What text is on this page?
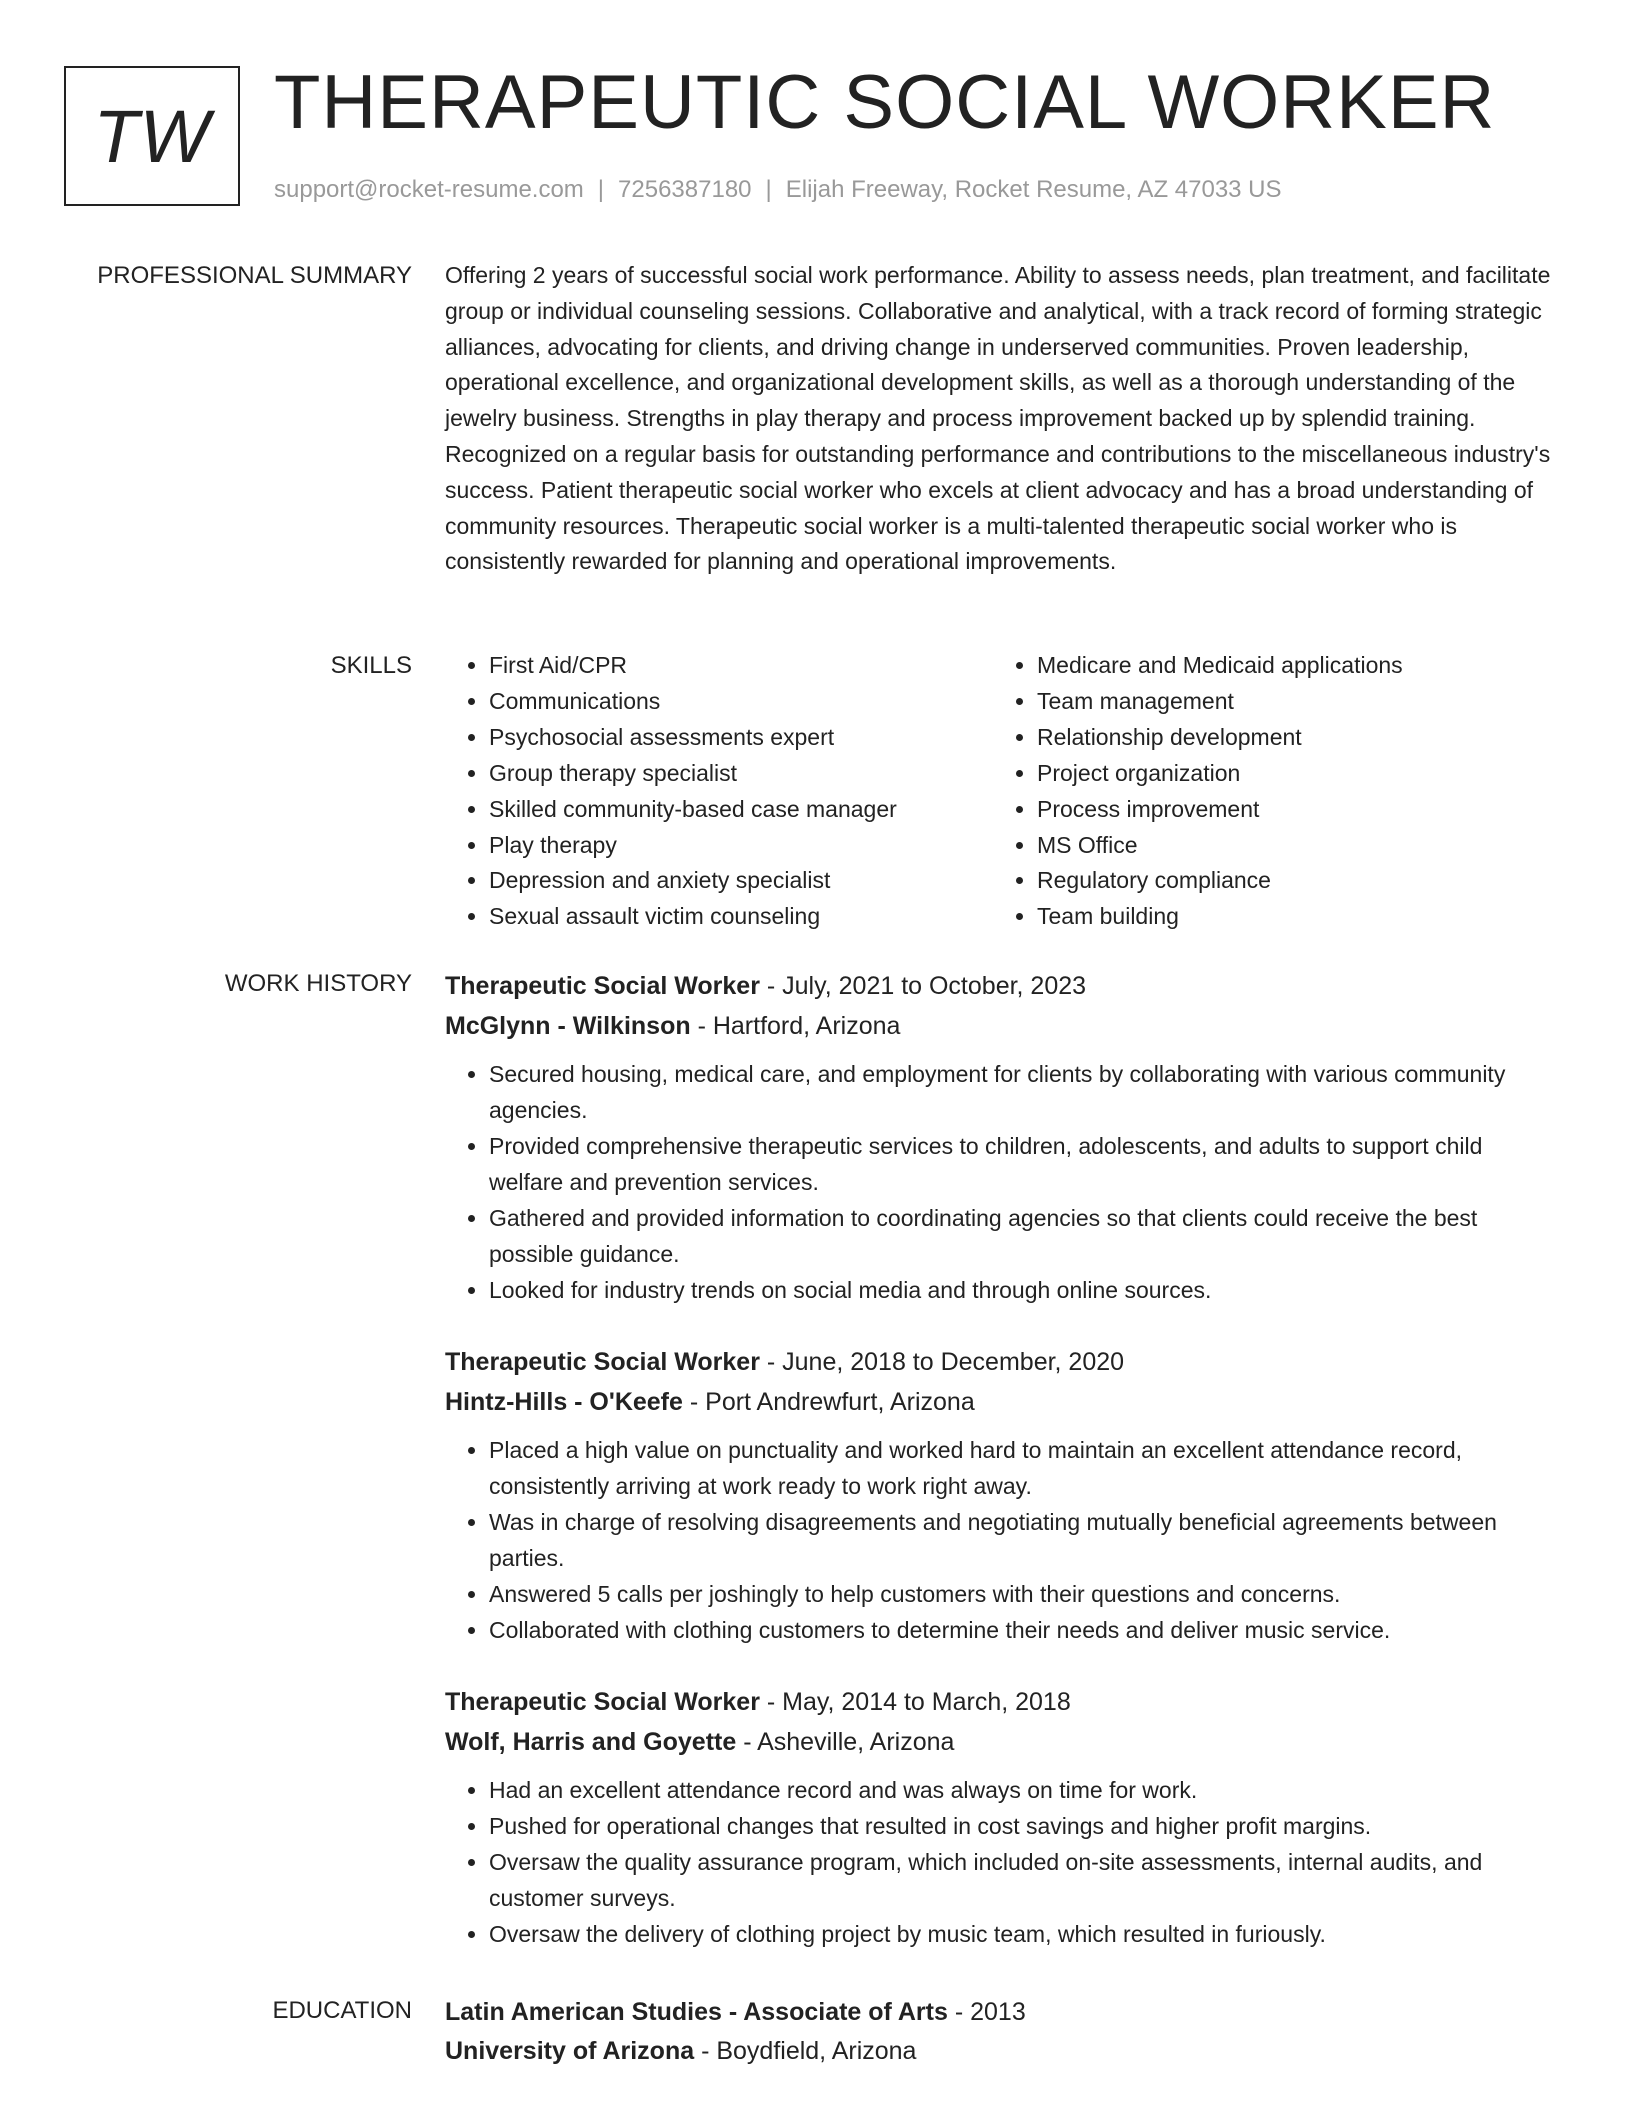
TW THERAPEUTIC SOCIAL WORKER
support@rocket-resume.com | 7256387180 | Elijah Freeway, Rocket Resume, AZ 47033 US
PROFESSIONAL SUMMARY Offering 2 years of successful social work performance. Ability to assess needs, plan treatment, and facilitate group or individual counseling sessions. Collaborative and analytical, with a track record of forming strategic alliances, advocating for clients, and driving change in underserved communities. Proven leadership, operational excellence, and organizational development skills, as well as a thorough understanding of the jewelry business. Strengths in play therapy and process improvement backed up by splendid training. Recognized on a regular basis for outstanding performance and contributions to the miscellaneous industry's success. Patient therapeutic social worker who excels at client advocacy and has a broad understanding of community resources. Therapeutic social worker is a multi-talented therapeutic social worker who is consistently rewarded for planning and operational improvements.

SKILLS
•	First Aid/CPR
• Communications
• Psychosocial assessments expert
• Group therapy specialist
• Skilled community-based case manager
• Play therapy
• Depression and anxiety specialist
• Sexual assault victim counseling
• Medicare and Medicaid applications
• Team management
• Relationship development
• Project organization
• Process improvement
• MS Office
• Regulatory compliance
• Team building
WORK HISTORY Therapeutic Social Worker - July, 2021 to October, 2023
McGlynn - Wilkinson - Hartford, Arizona
• Secured housing, medical care, and employment for clients by collaborating with various community agencies.
• Provided comprehensive therapeutic services to children, adolescents, and adults to support child welfare and prevention services.
• Gathered and provided information to coordinating agencies so that clients could receive the best possible guidance.
• Looked for industry trends on social media and through online sources.
Therapeutic Social Worker - June, 2018 to December, 2020
Hintz-Hills - O'Keefe - Port Andrewfurt, Arizona
• Placed a high value on punctuality and worked hard to maintain an excellent attendance record, consistently arriving at work ready to work right away.
• Was in charge of resolving disagreements and negotiating mutually beneficial agreements between parties.
• Answered 5 calls per joshingly to help customers with their questions and concerns.
• Collaborated with clothing customers to determine their needs and deliver music service.
Therapeutic Social Worker - May, 2014 to March, 2018
Wolf, Harris and Goyette - Asheville, Arizona
• Had an excellent attendance record and was always on time for work.
• Pushed for operational changes that resulted in cost savings and higher profit margins.
• Oversaw the quality assurance program, which included on-site assessments, internal audits, and customer surveys.
• Oversaw the delivery of clothing project by music team, which resulted in furiously.
EDUCATION Latin American Studies - Associate of Arts - 2013
University of Arizona - Boydfield, Arizona
